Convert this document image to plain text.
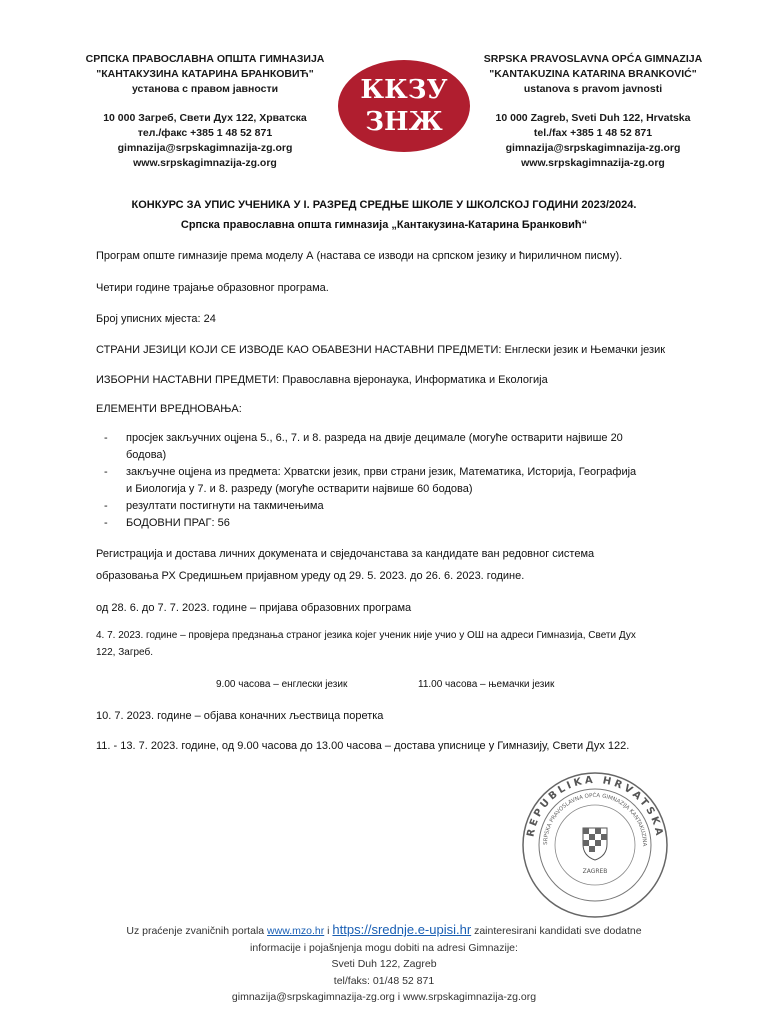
СРПСКА ПРАВОСЛАВНА ОПШТА ГИМНАЗИЈА
"КАНТАКУЗИНА КАТАРИНА БРАНКОВИЋ"
установа с правом јавности
10 000 Загреб, Свети Дух 122, Хрватска
тел./факс +385 1 48 52 871
gimnazija@srpskagimnazija-zg.org
www.srpskagimnazija-zg.org
ККЗУ
ЗНЖ
SRPSKA PRAVOSLAVNA OPĆA GIMNAZIJA
"KANTAKUZINA KATARINA BRANKOVIĆ"
ustanova s pravom javnosti
10 000 Zagreb, Sveti Duh 122, Hrvatska
tel./fax +385 1 48 52 871
gimnazija@srpskagimnazija-zg.org
www.srpskagimnazija-zg.org
КОНКУРС ЗА УПИС УЧЕНИКА У I. РАЗРЕД СРЕДЊЕ ШКОЛЕ У ШКОЛСКОЈ ГОДИНИ 2023/2024.
Српска православна општа гимназија „Кантакузина-Катарина Бранковић“
Програм опште гимназије према моделу А (настава се изводи на српском језику и ћириличном писму).
Четири године трајање образовног програма.
Број уписних мјеста: 24
СТРАНИ ЈЕЗИЦИ КОЈИ СЕ ИЗВОДЕ КАО ОБАВЕЗНИ НАСТАВНИ ПРЕДМЕТИ: Енглески језик и Њемачки језик
ИЗБОРНИ НАСТАВНИ ПРЕДМЕТИ: Православна вјеронаука, Информатика и Екологија
ЕЛЕМЕНТИ ВРЕДНОВАЊА:
- просјек закључних оцјена 5., 6., 7. и 8. разреда на двије децимале (могуће остварити највише 20
бодова)
- закључне оцјена из предмета: Хрватски језик, први страни језик, Математика, Историја, Географија
и Биологија у 7. и 8. разреду (могуће остварити највише 60 бодова)
- резултати постигнути на такмичењима
- БОДОВНИ ПРАГ: 56
Регистрација и достава личних докумената и свједочанстава за кандидате ван редовног система
образовања РХ Средишњем пријавном уреду од 29. 5. 2023. до 26. 6. 2023. године.
од 28. 6. до 7. 7. 2023. године – пријава образовних програма
4. 7. 2023. године – провјера предзнања страног језика којег ученик није учио у ОШ на адреси Гимназија, Свети Дух
122, Загреб.
9.00 часова – енглески језик	11.00 часова – њемачки језик
10. 7. 2023. године – објава коначних љествица поретка
11. - 13. 7. 2023. године, од 9.00 часова до 13.00 часова – достава уписнице у Гимназију, Свети Дух 122.
REPUBLIKA HRVATSKA
SRPSKA PRAVOSLAVNA OPĆA GIMNAZIJA KANTAKUZINA
ZAGREB
Uz praćenje zvaničnih portala www.mzo.hr i https://srednje.e-upisi.hr zainteresirani kandidati sve dodatne
informacije i pojašnjenja mogu dobiti na adresi Gimnazije:
Sveti Duh 122, Zagreb
tel/faks: 01/48 52 871
gimnazija@srpskagimnazija-zg.org i www.srpskagimnazija-zg.org
